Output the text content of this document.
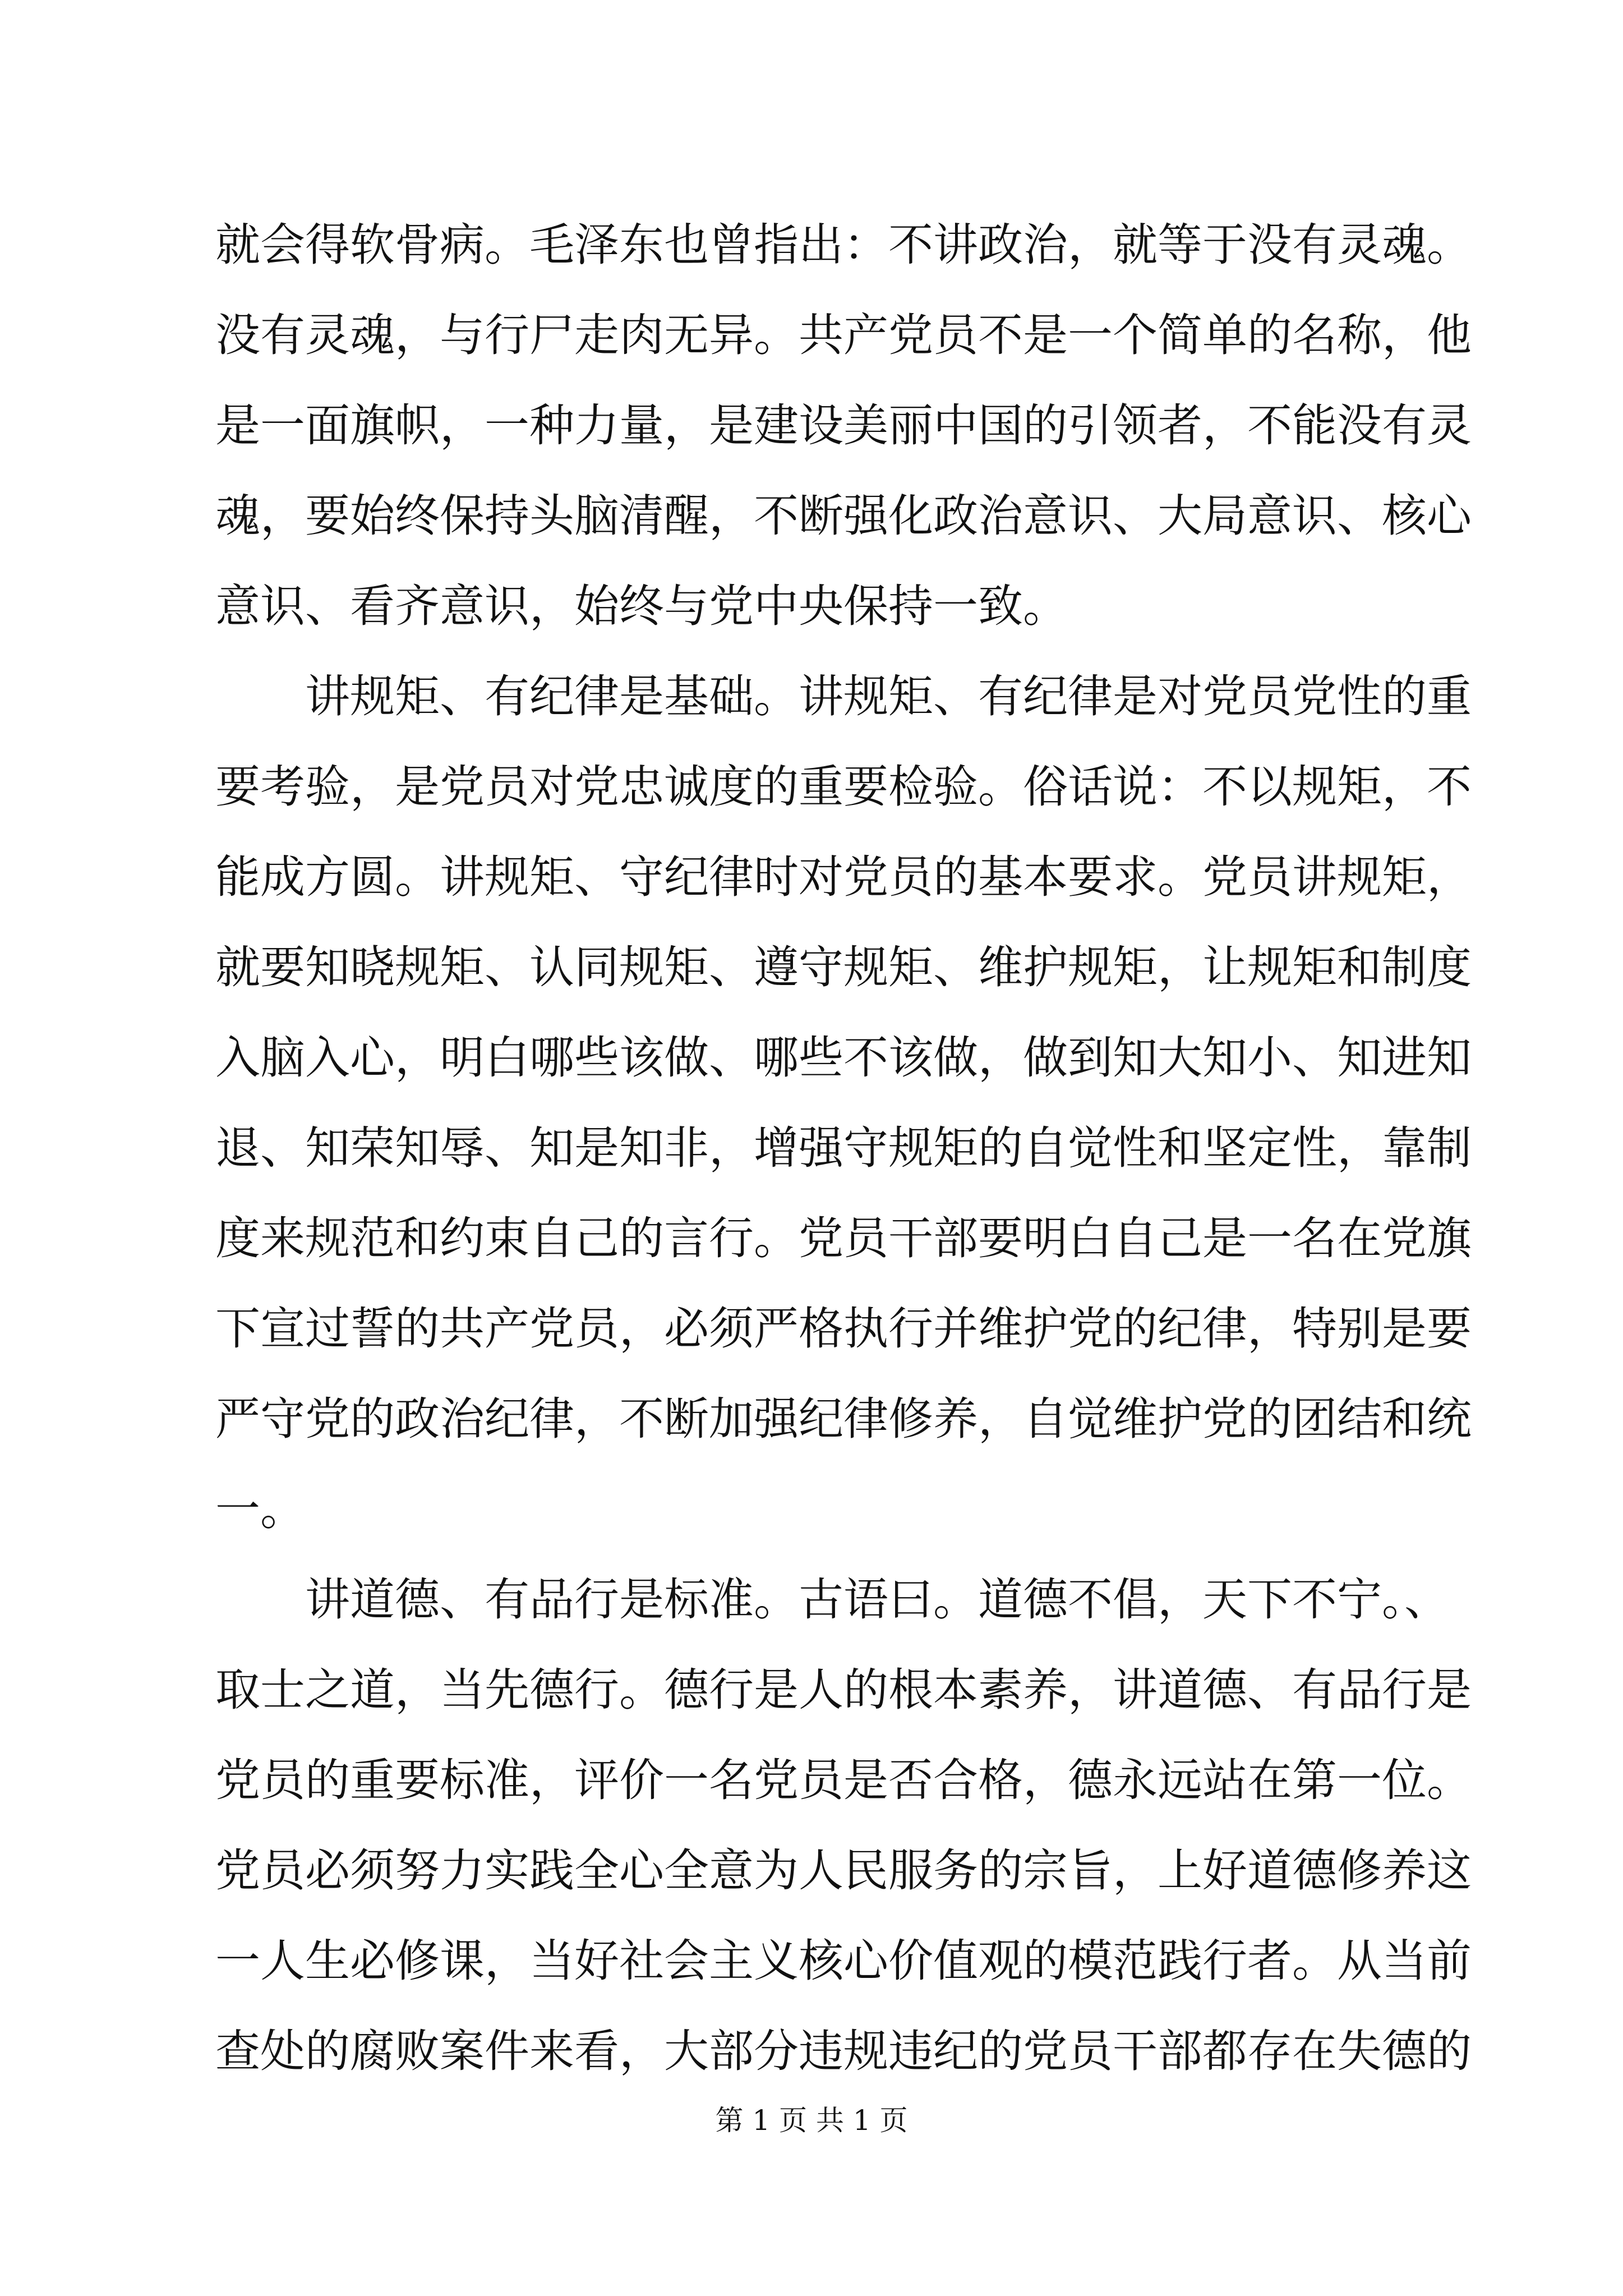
就会得软骨病。毛泽东也曾指出：不讲政治，就等于没有灵魂。
没有灵魂，与行尸走肉无异。共产党员不是一个简单的名称，他
是一面旗帜，一种力量，是建设美丽中国的引领者，不能没有灵
魂，要始终保持头脑清醒，不断强化政治意识、大局意识、核心
意识、看齐意识，始终与党中央保持一致。
讲规矩、有纪律是基础。讲规矩、有纪律是对党员党性的重
要考验，是党员对党忠诚度的重要检验。俗话说：不以规矩，不
能成方圆。讲规矩、守纪律时对党员的基本要求。党员讲规矩，
就要知晓规矩、认同规矩、遵守规矩、维护规矩，让规矩和制度
入脑入心，明白哪些该做、哪些不该做，做到知大知小、知进知
退、知荣知辱、知是知非，增强守规矩的自觉性和坚定性，靠制
度来规范和约束自己的言行。党员干部要明白自己是一名在党旗
下宣过誓的共产党员，必须严格执行并维护党的纪律，特别是要
严守党的政治纪律，不断加强纪律修养，自觉维护党的团结和统
一。
讲道德、有品行是标准。古语曰。道德不倡，天下不宁。、
取士之道，当先德行。德行是人的根本素养，讲道德、有品行是
党员的重要标准，评价一名党员是否合格，德永远站在第一位。
党员必须努力实践全心全意为人民服务的宗旨，上好道德修养这
一人生必修课，当好社会主义核心价值观的模范践行者。从当前
查处的腐败案件来看，大部分违规违纪的党员干部都存在失德的
第 1 页 共 1 页
